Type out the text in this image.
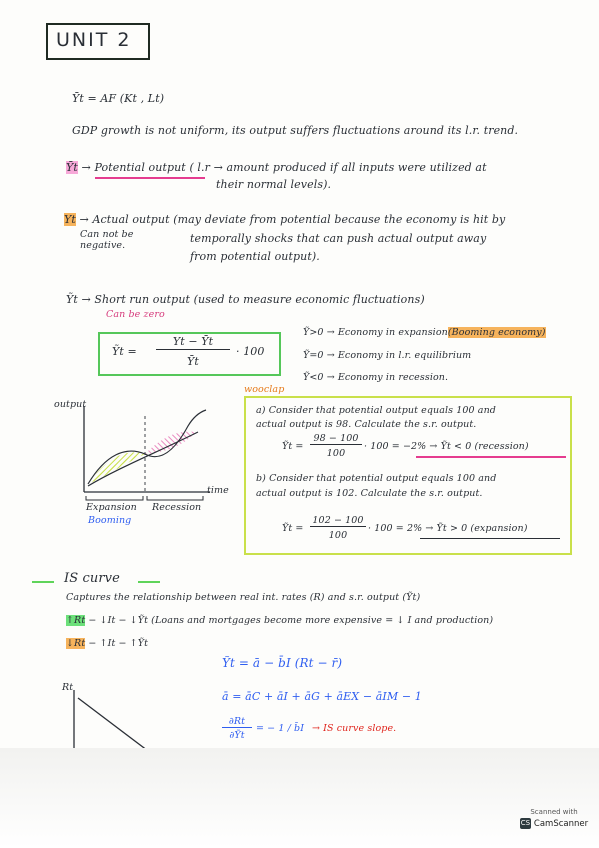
UNIT 2
Ȳt = AF (Kt , Lt)
GDP growth is not uniform, its output suffers fluctuations around its l.r. trend.
Ȳt → Potential output ( l.r → amount produced if all inputs were utilized at
their normal levels).
Yt → Actual output (may deviate from potential because the economy is hit by
Can not be negative.
temporally shocks that can push actual output away
from potential output).
Ỹt → Short run output (used to measure economic fluctuations)
Can be zero
Ỹt =
Yt − Ȳt
Ȳt
· 100
Ỹ>0 → Economy in expansion(Booming economy)
Ỹ=0 → Economy in l.r. equilibrium
Ỹ<0 → Economy in recession.
wooclap
output
time
Expansion Recession
Booming
a) Consider that potential output equals 100 and
actual output is 98. Calculate the s.r. output.
Ỹt =
98 − 100
100
· 100 = −2% → Ỹt < 0 (recession)
b) Consider that potential output equals 100 and
actual output is 102. Calculate the s.r. output.
Ỹt =
102 − 100
100
· 100 = 2% → Ỹt > 0 (expansion)
IS curve
Captures the relationship between real int. rates (R) and s.r. output (Ỹt)
↑Rt − ↓It − ↓Ỹt (Loans and mortgages become more expensive = ↓ I and production)
↓Rt − ↑It − ↑Ỹt
Ỹt = ā − b̄I (Rt − r̄)
ā = āC + āI + āG + āEX − āIM − 1
∂Rt
∂Ỹt
= − 1 / b̄I → IS curve slope.
Rt
Scanned with
CS CamScanner
